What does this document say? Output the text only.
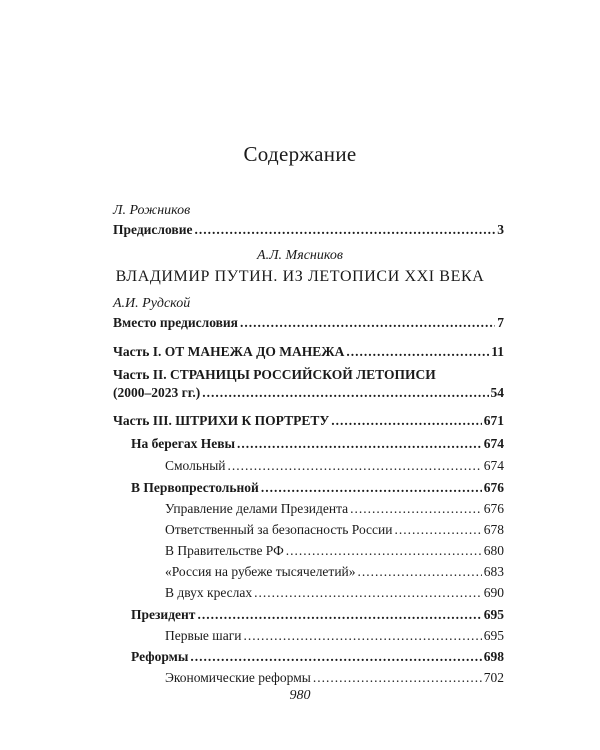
Содержание
Л. Рожников
Предисловие .....	3
А.Л. Мясников
ВЛАДИМИР ПУТИН. ИЗ ЛЕТОПИСИ XXI ВЕКА
А.И. Рудской
Вместо предисловия .....	7
Часть I. ОТ МАНЕЖА ДО МАНЕЖА .....	11
Часть II. СТРАНИЦЫ РОССИЙСКОЙ ЛЕТОПИСИ
(2000–2023 гг.) .....	54
Часть III. ШТРИХИ К ПОРТРЕТУ .....	671
На берегах Невы .....	674
Смольный .....	674
В Первопрестольной .....	676
Управление делами Президента .....	676
Ответственный за безопасность России .....	678
В Правительстве РФ .....	680
«Россия на рубеже тысячелетий» .....	683
В двух креслах .....	690
Президент .....	695
Первые шаги .....	695
Реформы .....	698
Экономические реформы .....	702
980
